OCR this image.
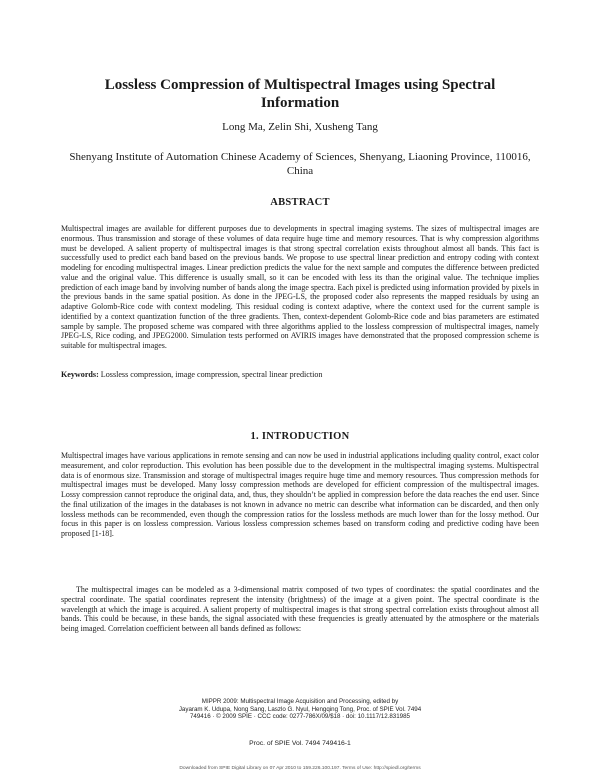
Lossless Compression of Multispectral Images using Spectral Information
Long Ma, Zelin Shi, Xusheng Tang
Shenyang Institute of Automation Chinese Academy of Sciences, Shenyang, Liaoning Province, 110016, China
ABSTRACT

Multispectral images are available for different purposes due to developments in spectral imaging systems. The sizes of multispectral images are enormous. Thus transmission and storage of these volumes of data require huge time and memory resources. That is why compression algorithms must be developed. A salient property of multispectral images is that strong spectral correlation exists throughout almost all bands. This fact is successfully used to predict each band based on the previous bands. We propose to use spectral linear prediction and entropy coding with context modeling for encoding multispectral images. Linear prediction predicts the value for the next sample and computes the difference between predicted value and the original value. This difference is usually small, so it can be encoded with less its than the original value. The technique implies prediction of each image band by involving number of bands along the image spectra. Each pixel is predicted using information provided by pixels in the previous bands in the same spatial position. As done in the JPEG-LS, the proposed coder also represents the mapped residuals by using an adaptive Golomb-Rice code with context modeling. This residual coding is context adaptive, where the context used for the current sample is identified by a context quantization function of the three gradients. Then, context-dependent Golomb-Rice code and bias parameters are estimated sample by sample. The proposed scheme was compared with three algorithms applied to the lossless compression of multispectral images, namely JPEG-LS, Rice coding, and JPEG2000. Simulation tests performed on AVIRIS images have demonstrated that the proposed compression scheme is suitable for multispectral images.

Keywords: Lossless compression, image compression, spectral linear prediction

1. INTRODUCTION

Multispectral images have various applications in remote sensing and can now be used in industrial applications including quality control, exact color measurement, and color reproduction. This evolution has been possible due to the development in the multispectral imaging systems. Multispectral data is of enormous size. Transmission and storage of multispectral images require huge time and memory resources. Thus compression methods for multispectral images must be developed. Many lossy compression methods are developed for efficient compression of the multispectral images. Lossy compression cannot reproduce the original data, and, thus, they shouldn’t be applied in compression before the data reaches the end user. Since the final utilization of the images in the databases is not known in advance no metric can describe what information can be discarded, and then only lossless methods can be recommended, even though the compression ratios for the lossless methods are much lower than for the lossy method. Our focus in this paper is on lossless compression. Various lossless compression schemes based on transform coding and predictive coding have been proposed [1-18].

The multispectral images can be modeled as a 3-dimensional matrix composed of two types of coordinates: the spatial coordinates and the spectral coordinate. The spatial coordinates represent the intensity (brightness) of the image at a given point. The spectral coordinate is the wavelength at which the image is acquired. A salient property of multispectral images is that strong spectral correlation exists throughout almost all bands. This could be because, in these bands, the signal associated with these frequencies is greatly attenuated by the atmosphere or the materials being imaged. Correlation coefficient between all bands defined as follows:

MIPPR 2009: Multispectral Image Acquisition and Processing, edited by
Jayaram K. Udupa, Nong Sang, Laszlo G. Nyul, Hengqing Tong, Proc. of SPIE Vol. 7494
749416 · © 2009 SPIE · CCC code: 0277-786X/09/$18 · doi: 10.1117/12.831985
Proc. of SPIE Vol. 7494 749416-1
Downloaded from SPIE Digital Library on 07 Apr 2010 to 159.226.100.197. Terms of Use: http://spiedl.org/terms
